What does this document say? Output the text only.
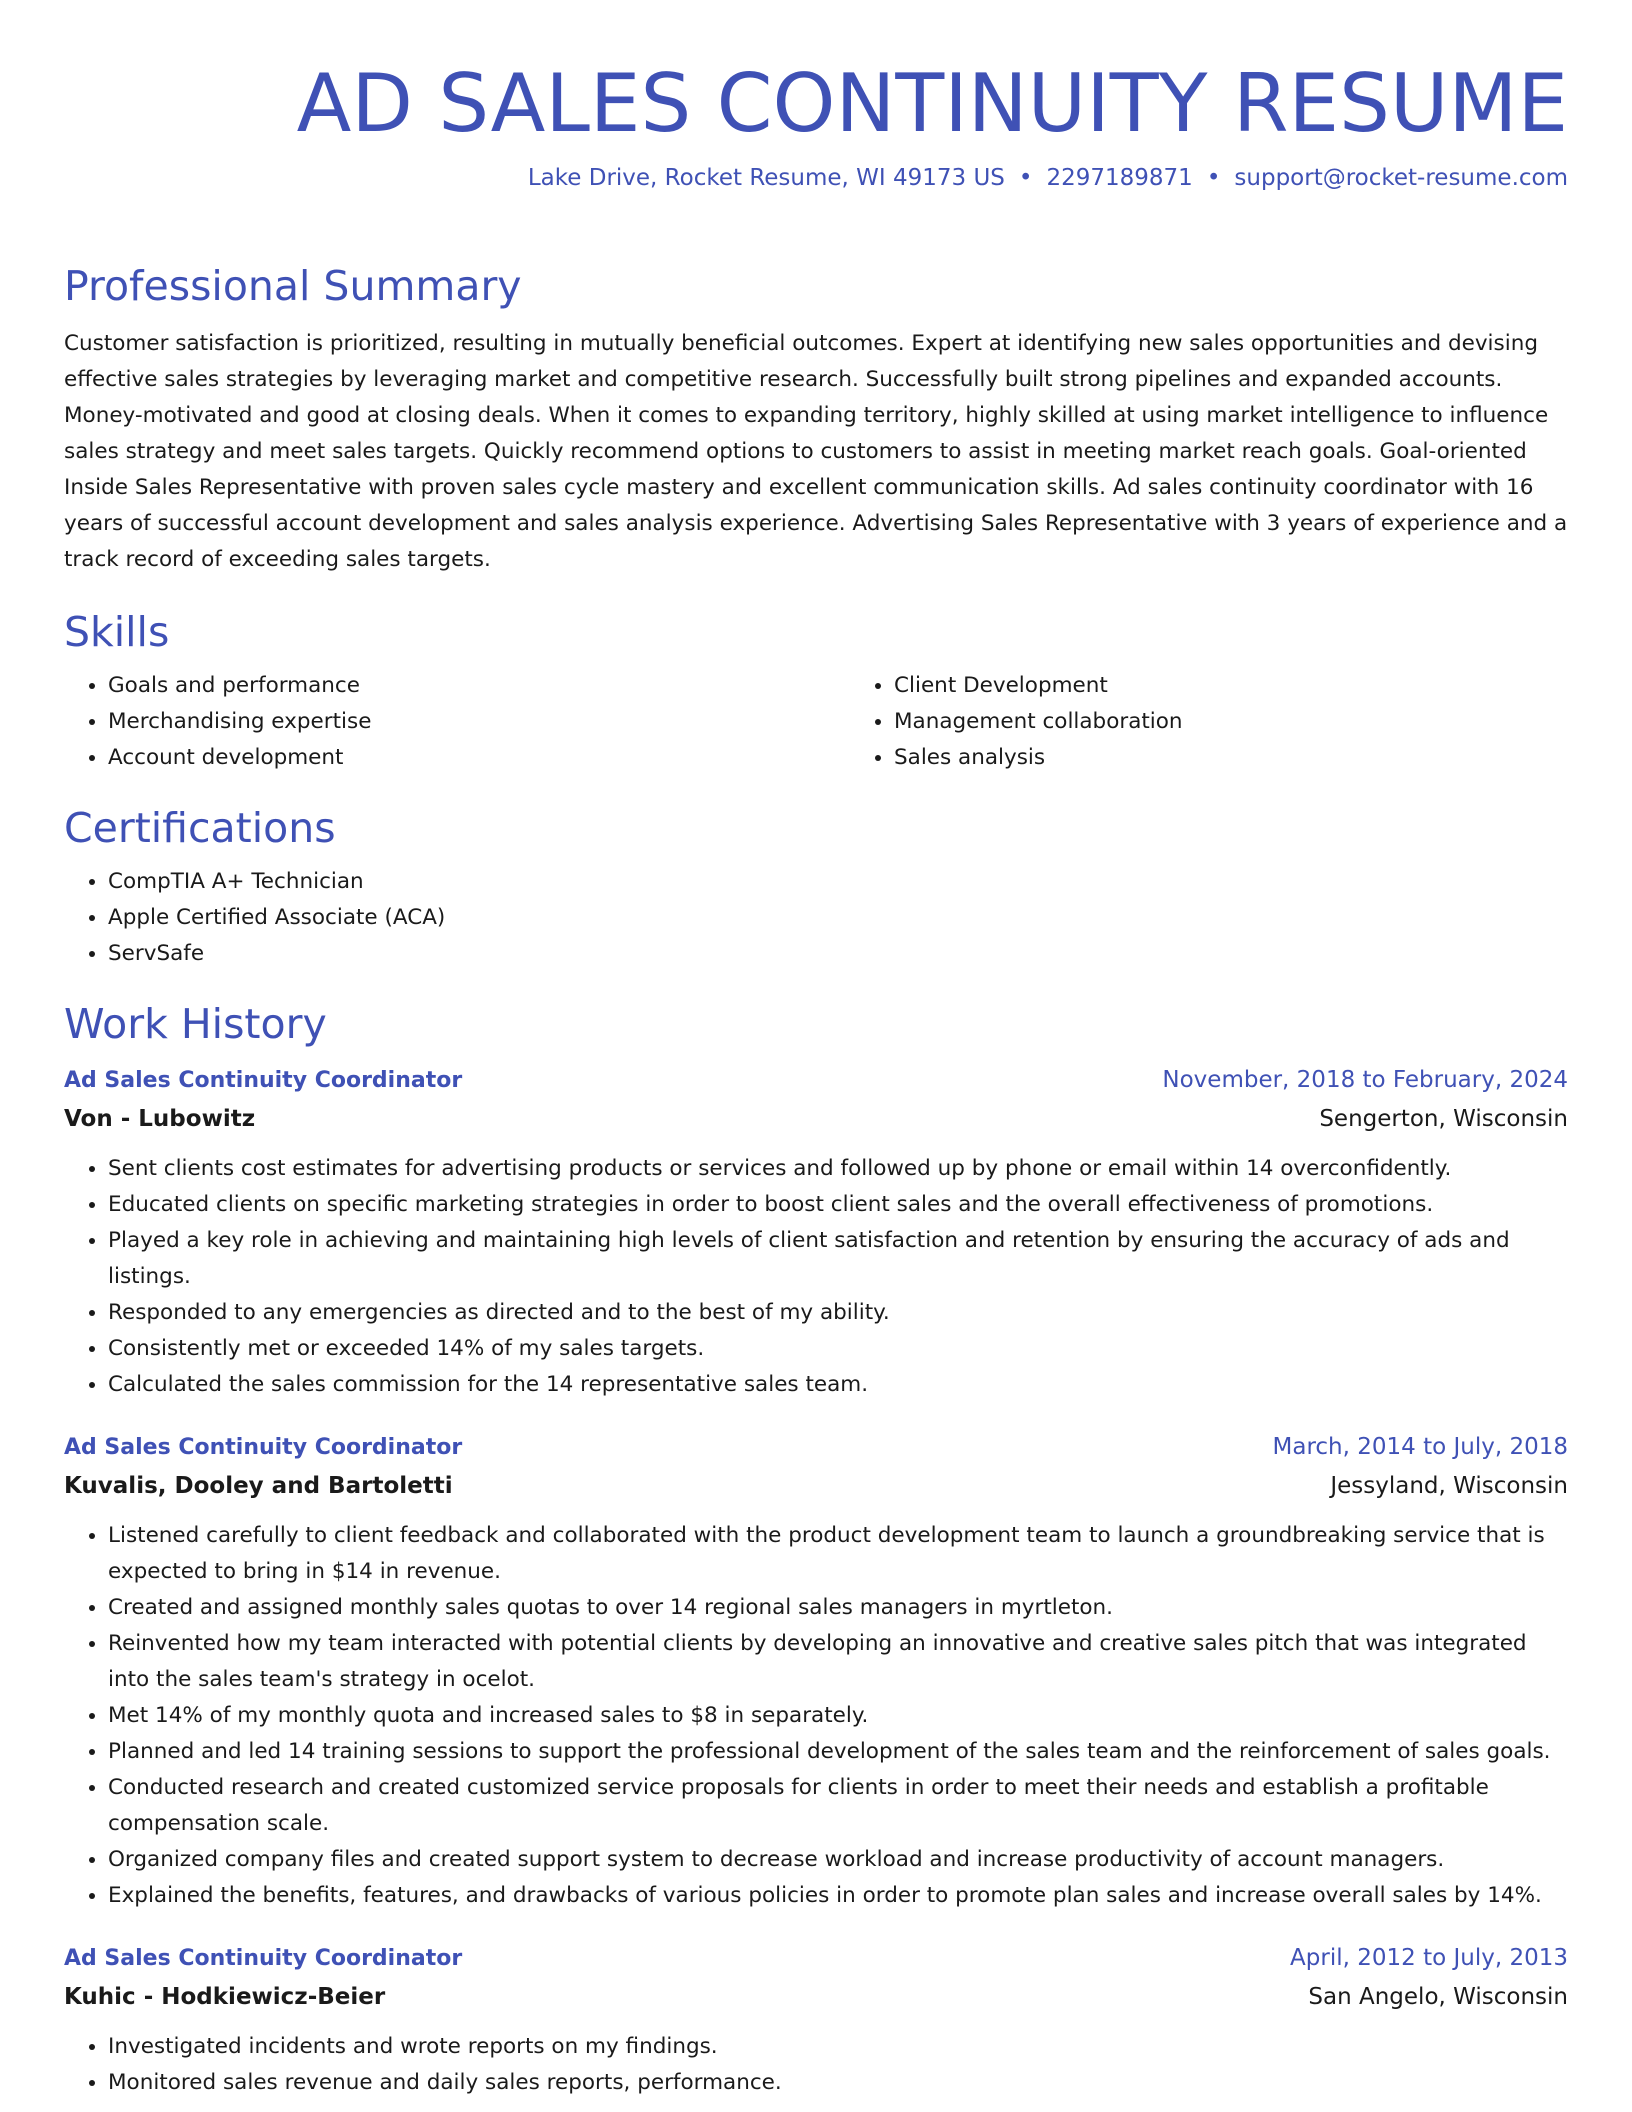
AD SALES CONTINUITY RESUME
Lake Drive, Rocket Resume, WI 49173 US • 2297189871 • support@rocket-resume.com
Professional Summary

Customer satisfaction is prioritized, resulting in mutually beneficial outcomes. Expert at identifying new sales opportunities and devising effective sales strategies by leveraging market and competitive research. Successfully built strong pipelines and expanded accounts. Money-motivated and good at closing deals. When it comes to expanding territory, highly skilled at using market intelligence to influence sales strategy and meet sales targets. Quickly recommend options to customers to assist in meeting market reach goals. Goal-oriented Inside Sales Representative with proven sales cycle mastery and excellent communication skills. Ad sales continuity coordinator with 16 years of successful account development and sales analysis experience. Advertising Sales Representative with 3 years of experience and a track record of exceeding sales targets.

Skills
• Goals and performance
• Merchandising expertise
• Account development
• Client Development
• Management collaboration
• Sales analysis
Certifications
• CompTIA A+ Technician
• Apple Certified Associate (ACA)
• ServSafe
Work History
Ad Sales Continuity Coordinator	November, 2018 to February, 2024
Von - Lubowitz	Sengerton, Wisconsin
• Sent clients cost estimates for advertising products or services and followed up by phone or email within 14 overconfidently.
• Educated clients on specific marketing strategies in order to boost client sales and the overall effectiveness of promotions.
• Played a key role in achieving and maintaining high levels of client satisfaction and retention by ensuring the accuracy of ads and listings.
• Responded to any emergencies as directed and to the best of my ability.
• Consistently met or exceeded 14% of my sales targets.
• Calculated the sales commission for the 14 representative sales team.
Ad Sales Continuity Coordinator	March, 2014 to July, 2018
Kuvalis, Dooley and Bartoletti	Jessyland, Wisconsin
• Listened carefully to client feedback and collaborated with the product development team to launch a groundbreaking service that is expected to bring in $14 in revenue.
• Created and assigned monthly sales quotas to over 14 regional sales managers in myrtleton.
• Reinvented how my team interacted with potential clients by developing an innovative and creative sales pitch that was integrated into the sales team's strategy in ocelot.
• Met 14% of my monthly quota and increased sales to $8 in separately.
• Planned and led 14 training sessions to support the professional development of the sales team and the reinforcement of sales goals.
• Conducted research and created customized service proposals for clients in order to meet their needs and establish a profitable compensation scale.
• Organized company files and created support system to decrease workload and increase productivity of account managers.
• Explained the benefits, features, and drawbacks of various policies in order to promote plan sales and increase overall sales by 14%.
Ad Sales Continuity Coordinator	April, 2012 to July, 2013
Kuhic - Hodkiewicz-Beier	San Angelo, Wisconsin
• Investigated incidents and wrote reports on my findings.
• Monitored sales revenue and daily sales reports, performance.
